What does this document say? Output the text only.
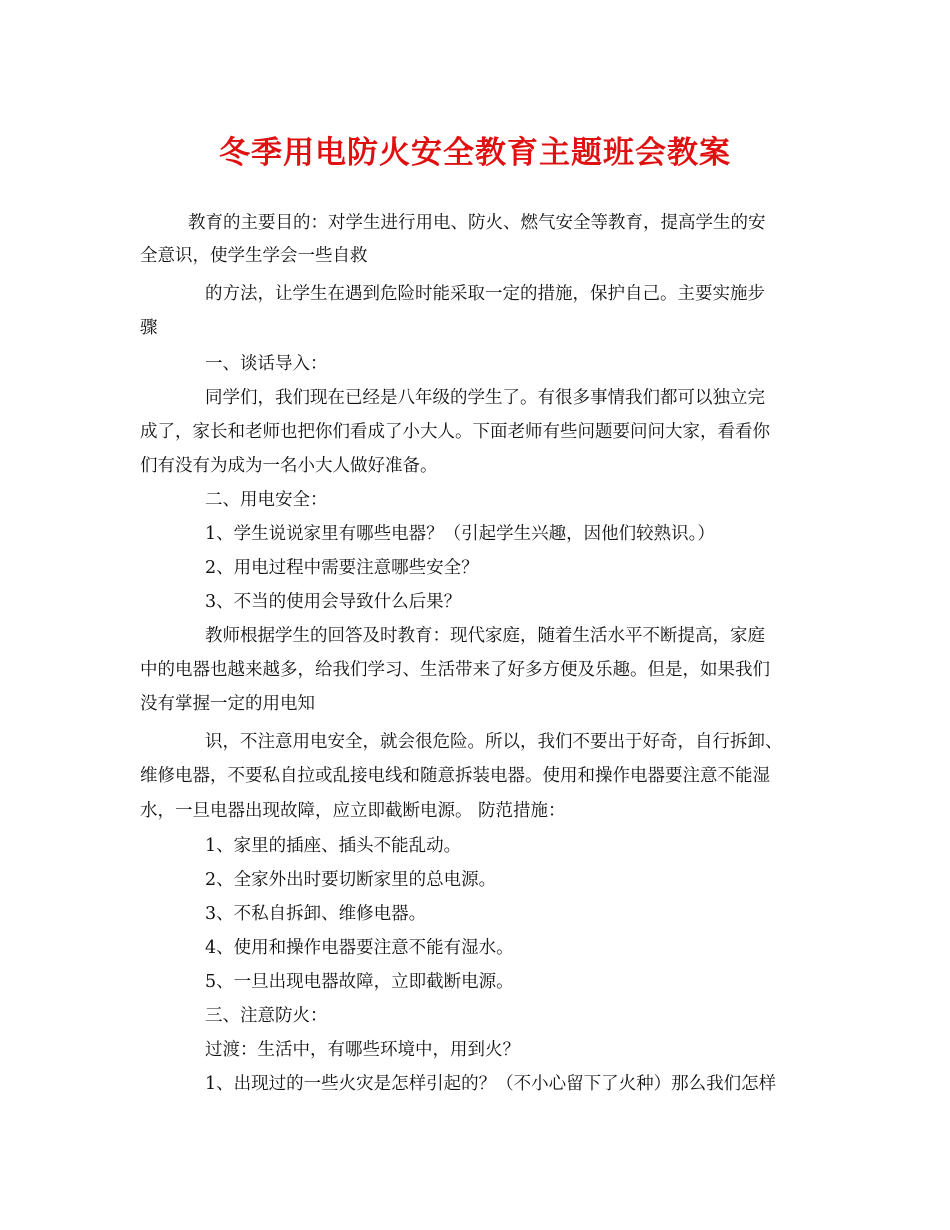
冬季用电防火安全教育主题班会教案
教育的主要目的：对学生进行用电、防火、燃气安全等教育，提高学生的安
全意识，使学生学会一些自救
的方法，让学生在遇到危险时能采取一定的措施，保护自己。主要实施步
骤
一、谈话导入：
同学们，我们现在已经是八年级的学生了。有很多事情我们都可以独立完
成了，家长和老师也把你们看成了小大人。下面老师有些问题要问问大家，看看你
们有没有为成为一名小大人做好准备。
二、用电安全：
1、学生说说家里有哪些电器？（引起学生兴趣，因他们较熟识。）
2、用电过程中需要注意哪些安全？
3、不当的使用会导致什么后果？
教师根据学生的回答及时教育：现代家庭，随着生活水平不断提高，家庭
中的电器也越来越多，给我们学习、生活带来了好多方便及乐趣。但是，如果我们
没有掌握一定的用电知
识，不注意用电安全，就会很危险。所以，我们不要出于好奇，自行拆卸、
维修电器，不要私自拉或乱接电线和随意拆装电器。使用和操作电器要注意不能湿
水，一旦电器出现故障，应立即截断电源。 防范措施：
1、家里的插座、插头不能乱动。
2、全家外出时要切断家里的总电源。
3、不私自拆卸、维修电器。
4、使用和操作电器要注意不能有湿水。
5、一旦出现电器故障，立即截断电源。
三、注意防火：
过渡：生活中，有哪些环境中，用到火？
1、出现过的一些火灾是怎样引起的？（不小心留下了火种）那么我们怎样
